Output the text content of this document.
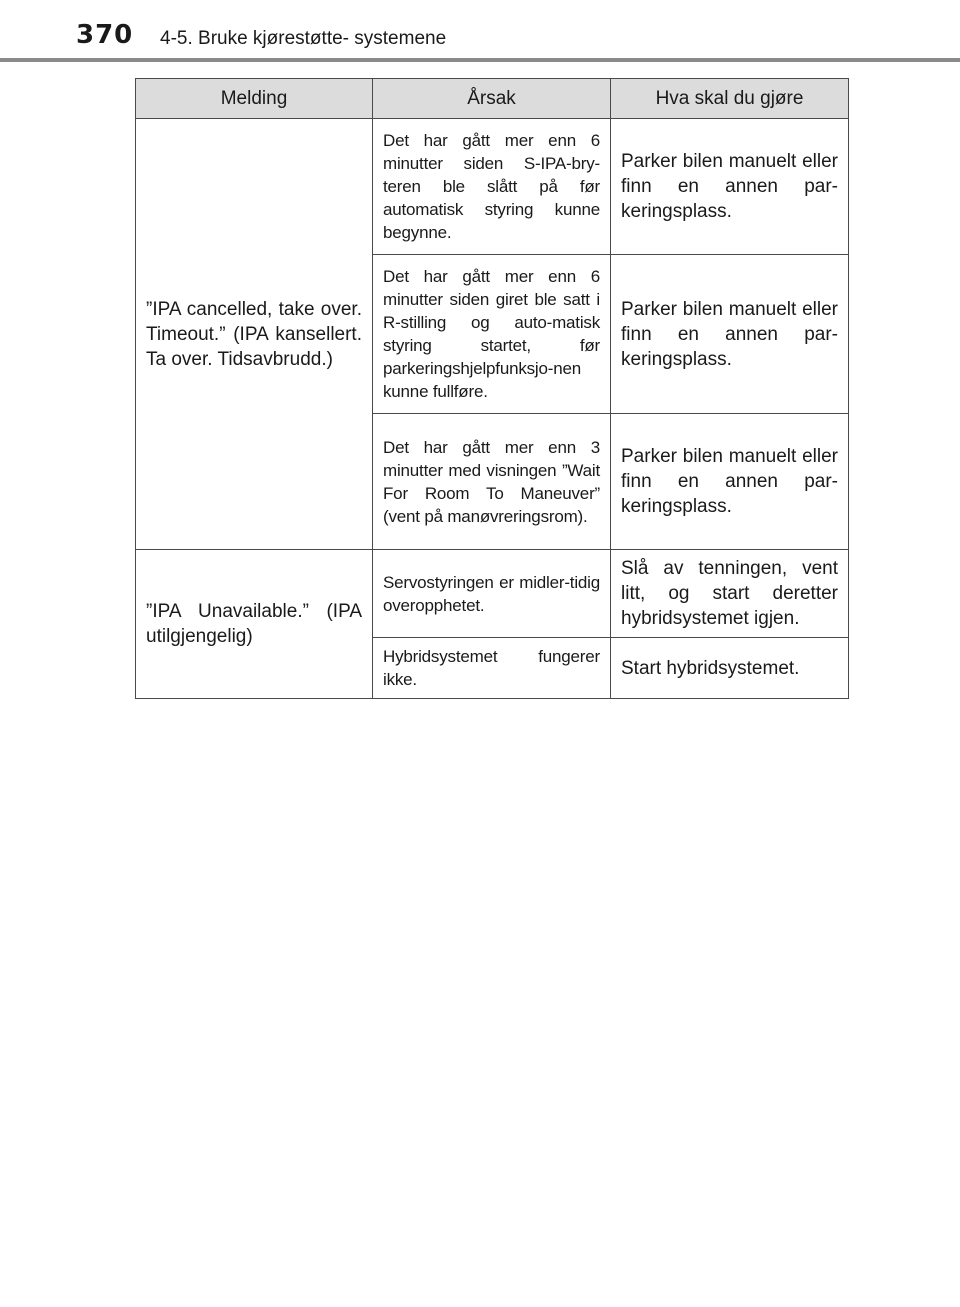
370 4-5. Bruke kjørestøtte- systemene
Melding	Årsak	Hva skal du gjøre
”IPA cancelled, take over. Timeout.” (IPA kansellert. Ta over. Tidsavbrudd.)	Det har gått mer enn 6 minutter siden S-IPA-bry-teren ble slått på før automatisk styring kunne begynne.	Parker bilen manuelt eller finn en annen par-keringsplass.
	Det har gått mer enn 6 minutter siden giret ble satt i R-stilling og auto-matisk styring startet, før parkeringshjelpfunksjo-nen kunne fullføre.	Parker bilen manuelt eller finn en annen par-keringsplass.
	Det har gått mer enn 3 minutter med visningen ”Wait For Room To Maneuver” (vent på manøvreringsrom).	Parker bilen manuelt eller finn en annen par-keringsplass.
”IPA Unavailable.” (IPA utilgjengelig)	Servostyringen er midler-tidig overopphetet.	Slå av tenningen, vent litt, og start deretter hybridsystemet igjen.
	Hybridsystemet fungerer ikke.	Start hybridsystemet.
